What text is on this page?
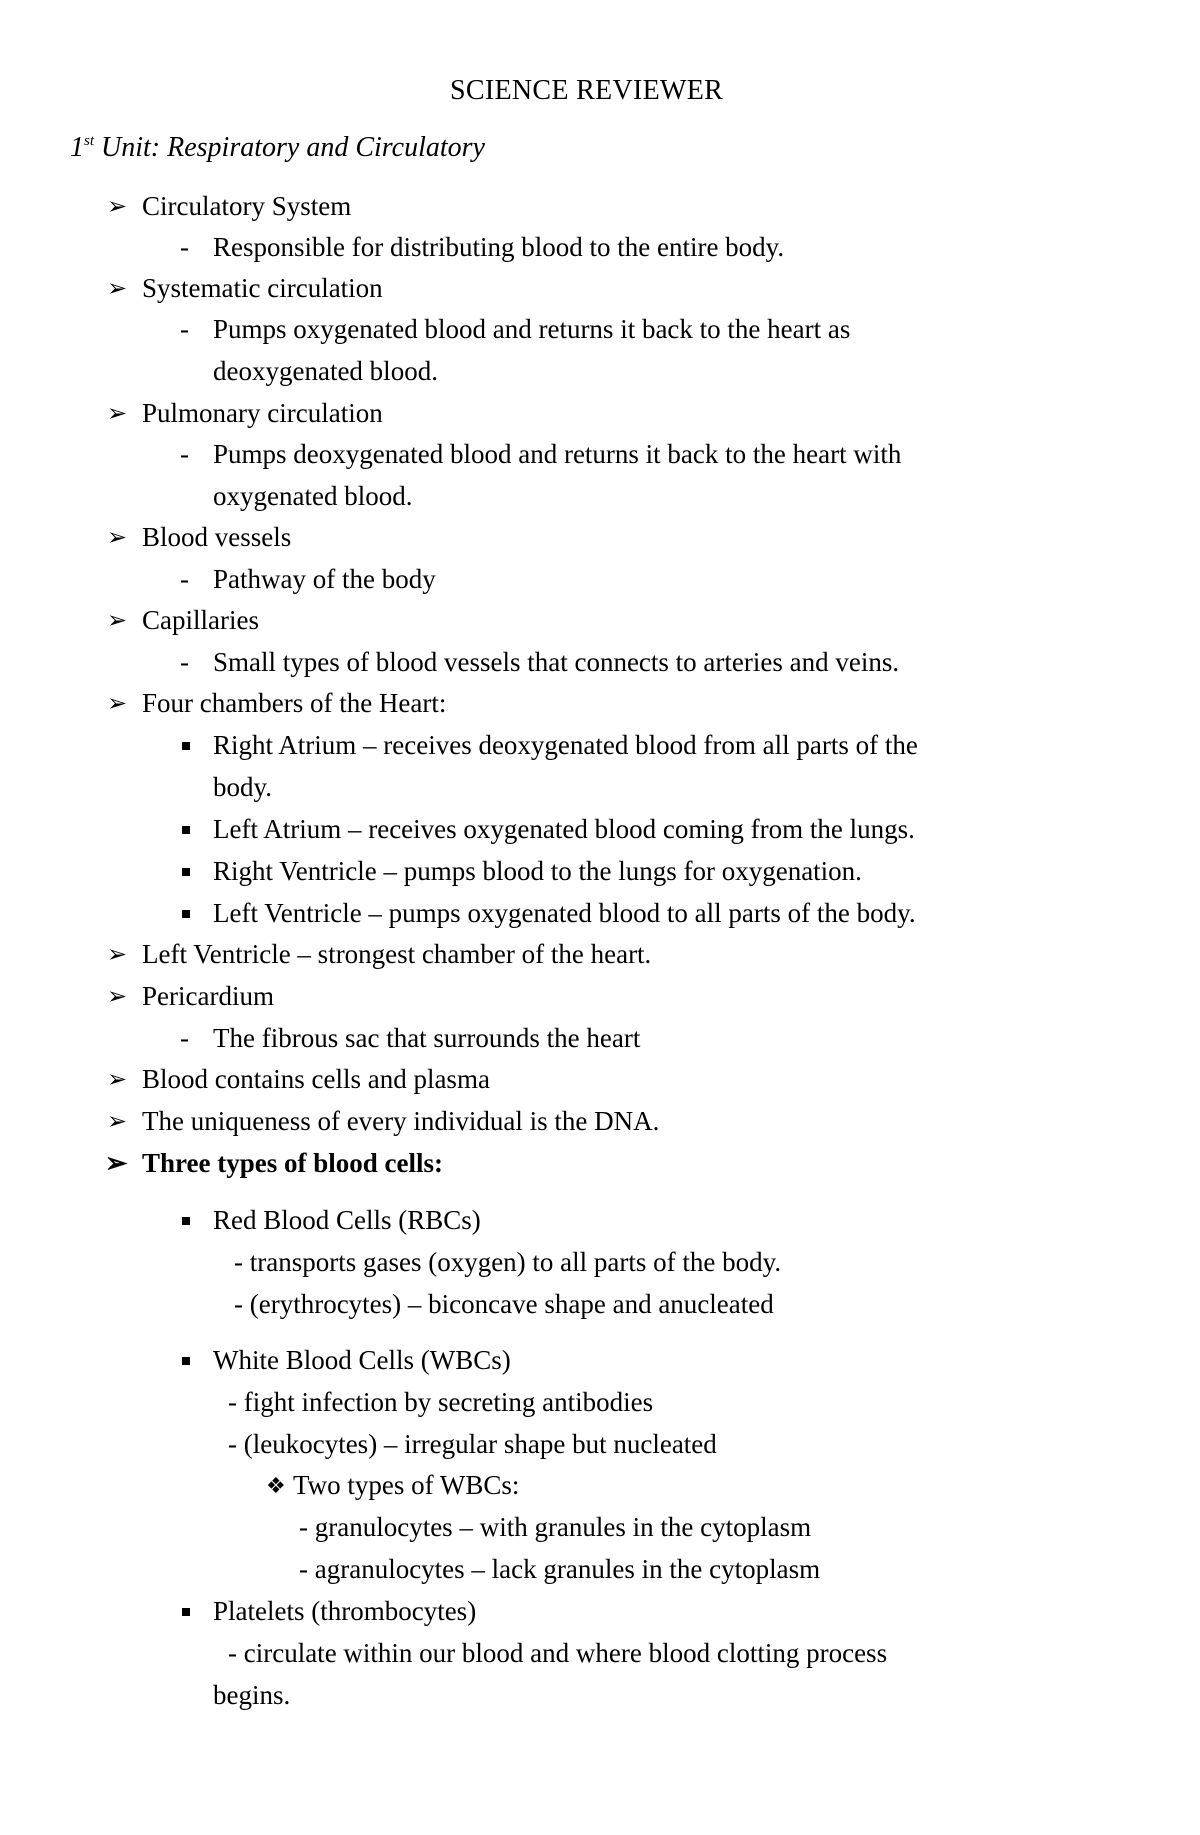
SCIENCE REVIEWER
1st Unit: Respiratory and Circulatory
➢ Circulatory System
- Responsible for distributing blood to the entire body.
➢ Systematic circulation
- Pumps oxygenated blood and returns it back to the heart as
deoxygenated blood.
➢ Pulmonary circulation
- Pumps deoxygenated blood and returns it back to the heart with
oxygenated blood.
➢ Blood vessels
- Pathway of the body
➢ Capillaries
- Small types of blood vessels that connects to arteries and veins.
➢ Four chambers of the Heart:
Right Atrium – receives deoxygenated blood from all parts of the
body.
Left Atrium – receives oxygenated blood coming from the lungs.
Right Ventricle – pumps blood to the lungs for oxygenation.
Left Ventricle – pumps oxygenated blood to all parts of the body.
➢ Left Ventricle – strongest chamber of the heart.
➢ Pericardium
- The fibrous sac that surrounds the heart
➢ Blood contains cells and plasma
➢ The uniqueness of every individual is the DNA.
➢ Three types of blood cells:
Red Blood Cells (RBCs)
- transports gases (oxygen) to all parts of the body.
- (erythrocytes) – biconcave shape and anucleated
White Blood Cells (WBCs)
- fight infection by secreting antibodies
- (leukocytes) – irregular shape but nucleated
❖ Two types of WBCs:
- granulocytes – with granules in the cytoplasm
- agranulocytes – lack granules in the cytoplasm
Platelets (thrombocytes)
- circulate within our blood and where blood clotting process
begins.
